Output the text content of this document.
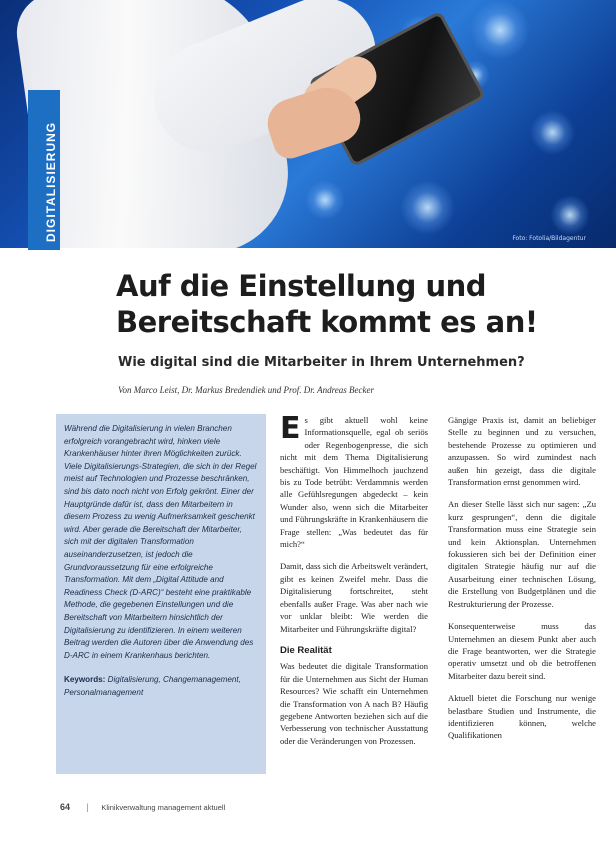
Foto: Fotolia/Bildagentur
DIGITALISIERUNG
Auf die Einstellung und
Bereitschaft kommt es an!
Wie digital sind die Mitarbeiter in Ihrem Unternehmen?
Von Marco Leist, Dr. Markus Bredendiek und Prof. Dr. Andreas Becker

Während die Digitalisierung in vielen Branchen erfolgreich vorangebracht wird, hinken viele Krankenhäuser hinter ihren Möglichkeiten zurück. Viele Digitalisierungs-Strategien, die sich in der Regel meist auf Technologien und Prozesse beschränken, sind bis dato noch nicht von Erfolg gekrönt. Einer der Hauptgründe dafür ist, dass den Mitarbeitern in diesem Prozess zu wenig Aufmerksamkeit geschenkt wird. Aber gerade die Bereitschaft der Mitarbeiter, sich mit der digitalen Transformation auseinanderzusetzen, ist jedoch die Grundvoraussetzung für eine erfolgreiche Transformation. Mit dem „Digital Attitude and Readiness Check (D-ARC)“ besteht eine praktikable Methode, die gegebenen Einstellungen und die Bereitschaft von Mitarbeitern hinsichtlich der Digitalisierung zu identifizieren. In einem weiteren Beitrag werden die Autoren über die Anwendung des D-ARC in einem Krankenhaus berichten.

Keywords: Digitalisierung, Changemanagement, Personalmanagement

Es gibt aktuell wohl keine Informationsquelle, egal ob seriös oder Regenbogenpresse, die sich nicht mit dem Thema Digitalisierung beschäftigt. Von Himmelhoch jauchzend bis zu Tode betrübt: Verdammnis werden alle Gefühlsregungen abgedeckt – kein Wunder also, wenn sich die Mitarbeiter und Führungskräfte in Krankenhäusern die Frage stellen: „Was bedeutet das für mich?“

Damit, dass sich die Arbeitswelt verändert, gibt es keinen Zweifel mehr. Dass die Digitalisierung fortschreitet, steht ebenfalls außer Frage. Was aber nach wie vor unklar bleibt: Wie werden die Mitarbeiter und Führungskräfte digital?

Die Realität

Was bedeutet die digitale Transformation für die Unternehmen aus Sicht der Human Resources? Wie schafft ein Unternehmen die Transformation von A nach B? Häufig gegebene Antworten beziehen sich auf die Verbesserung von technischer Ausstattung oder die Veränderungen von Prozessen.

Gängige Praxis ist, damit an beliebiger Stelle zu beginnen und zu versuchen, bestehende Prozesse zu optimieren und anzupassen. So wird zumindest nach außen hin gezeigt, dass die digitale Transformation ernst genommen wird.

An dieser Stelle lässt sich nur sagen: „Zu kurz gesprungen“, denn die digitale Transformation muss eine Strategie sein und kein Aktionsplan. Unternehmen fokussieren sich bei der Definition einer digitalen Strategie häufig nur auf die Ausarbeitung einer technischen Lösung, die Erstellung von Budgetplänen und die Restrukturierung der Prozesse.

Konsequenterweise muss das Unternehmen an diesem Punkt aber auch die Frage beantworten, wer die Strategie operativ umsetzt und ob die betroffenen Mitarbeiter dazu bereit sind.

Aktuell bietet die Forschung nur wenige belastbare Studien und Instrumente, die identifizieren können, welche Qualifikationen

64 | Klinikverwaltung management aktuell
